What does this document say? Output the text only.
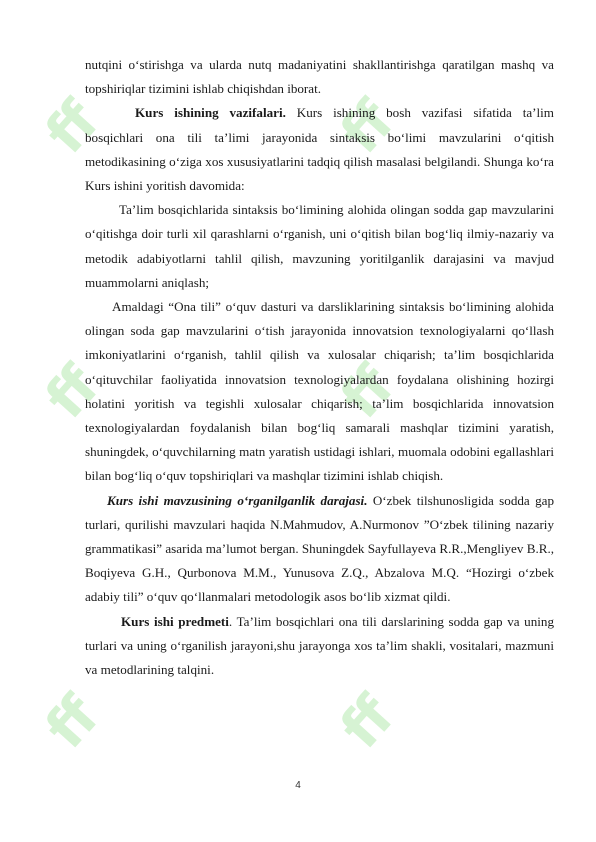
ff	ff
ff	ff
ff	ff

nutqini o‘stirishga va ularda nutq madaniyatini shakllantirishga qaratilgan mashq va topshiriqlar tizimini ishlab chiqishdan iborat.

Kurs ishining vazifalari. Kurs ishining bosh vazifasi sifatida ta’lim bosqichlari ona tili ta’limi jarayonida sintaksis bo‘limi mavzularini o‘qitish metodikasining o‘ziga xos xususiyatlarini tadqiq qilish masalasi belgilandi. Shunga ko‘ra Kurs ishini yoritish davomida:

Ta’lim bosqichlarida sintaksis bo‘limining alohida olingan sodda gap mavzularini o‘qitishga doir turli xil qarashlarni o‘rganish, uni o‘qitish bilan bog‘liq ilmiy-nazariy va metodik adabiyotlarni tahlil qilish, mavzuning yoritilganlik darajasini va mavjud muammolarni aniqlash;

Amaldagi “Ona tili” o‘quv dasturi va darsliklarining sintaksis bo‘limining alohida olingan soda gap mavzularini o‘tish jarayonida innovatsion texnologiyalarni qo‘llash imkoniyatlarini o‘rganish, tahlil qilish va xulosalar chiqarish; ta’lim bosqichlarida o‘qituvchilar faoliyatida innovatsion texnologiyalardan foydalana olishining hozirgi holatini yoritish va tegishli xulosalar chiqarish; ta’lim bosqichlarida innovatsion texnologiyalardan foydalanish bilan bog‘liq samarali mashqlar tizimini yaratish, shuningdek, o‘quvchilarning matn yaratish ustidagi ishlari, muomala odobini egallashlari bilan bog‘liq o‘quv topshiriqlari va mashqlar tizimini ishlab chiqish.

Kurs ishi mavzusining o‘rganilganlik darajasi. O‘zbek tilshunosligida sodda gap turlari, qurilishi mavzulari haqida N.Mahmudov, A.Nurmonov ”O‘zbek tilining nazariy grammatikasi” asarida ma’lumot bergan. Shuningdek Sayfullayeva R.R.,Mengliyev B.R., Boqiyeva G.H., Qurbonova M.M., Yunusova Z.Q., Abzalova M.Q. “Hozirgi o‘zbek adabiy tili” o‘quv qo‘llanmalari metodologik asos bo‘lib xizmat qildi.

Kurs ishi predmeti. Ta’lim bosqichlari ona tili darslarining sodda gap va uning turlari va uning o‘rganilish jarayoni,shu jarayonga xos ta’lim shakli, vositalari, mazmuni va metodlarining talqini.

4
